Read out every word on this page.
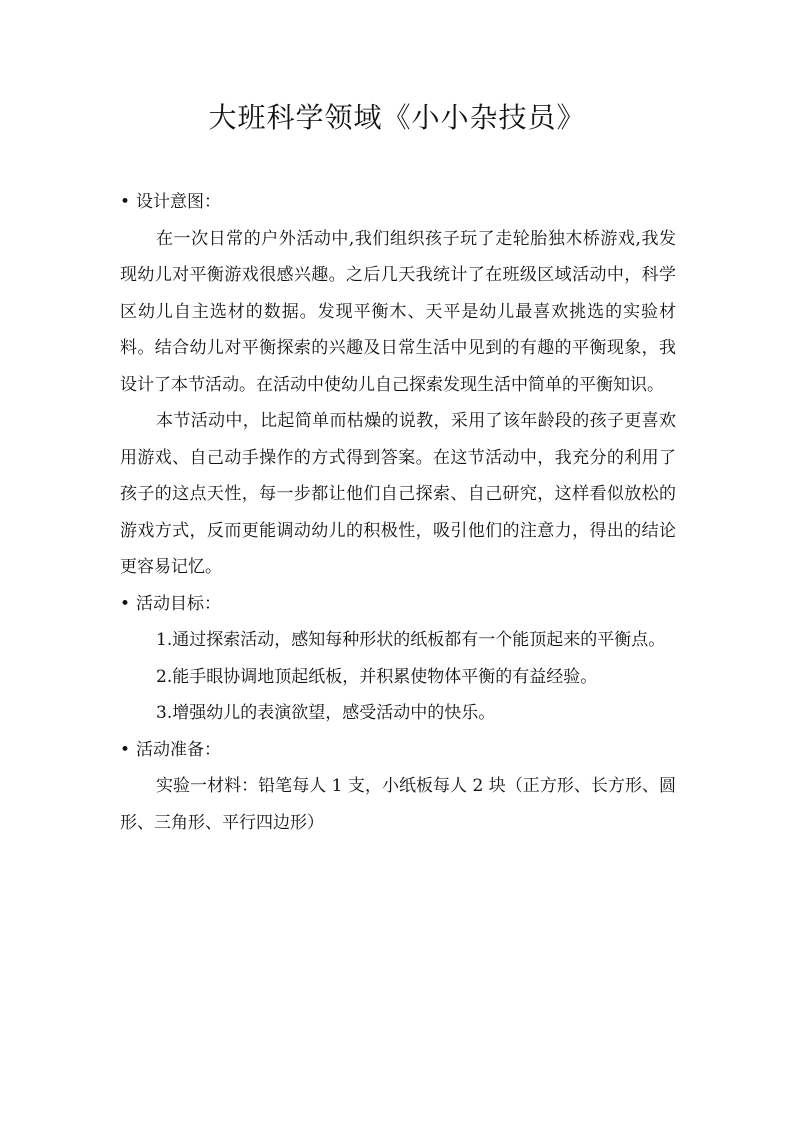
大班科学领域《小小杂技员》
• 设计意图：

在一次日常的户外活动中,我们组织孩子玩了走轮胎独木桥游戏,我发现幼儿对平衡游戏很感兴趣。之后几天我统计了在班级区域活动中，科学区幼儿自主选材的数据。发现平衡木、天平是幼儿最喜欢挑选的实验材料。结合幼儿对平衡探索的兴趣及日常生活中见到的有趣的平衡现象，我设计了本节活动。在活动中使幼儿自己探索发现生活中简单的平衡知识。

本节活动中，比起简单而枯燥的说教，采用了该年龄段的孩子更喜欢用游戏、自己动手操作的方式得到答案。在这节活动中，我充分的利用了孩子的这点天性，每一步都让他们自己探索、自己研究，这样看似放松的游戏方式，反而更能调动幼儿的积极性，吸引他们的注意力，得出的结论更容易记忆。

• 活动目标：

1.通过探索活动，感知每种形状的纸板都有一个能顶起来的平衡点。

2.能手眼协调地顶起纸板，并积累使物体平衡的有益经验。

3.增强幼儿的表演欲望，感受活动中的快乐。

• 活动准备：

实验一材料：铅笔每人 1 支，小纸板每人 2 块（正方形、长方形、圆形、三角形、平行四边形）
